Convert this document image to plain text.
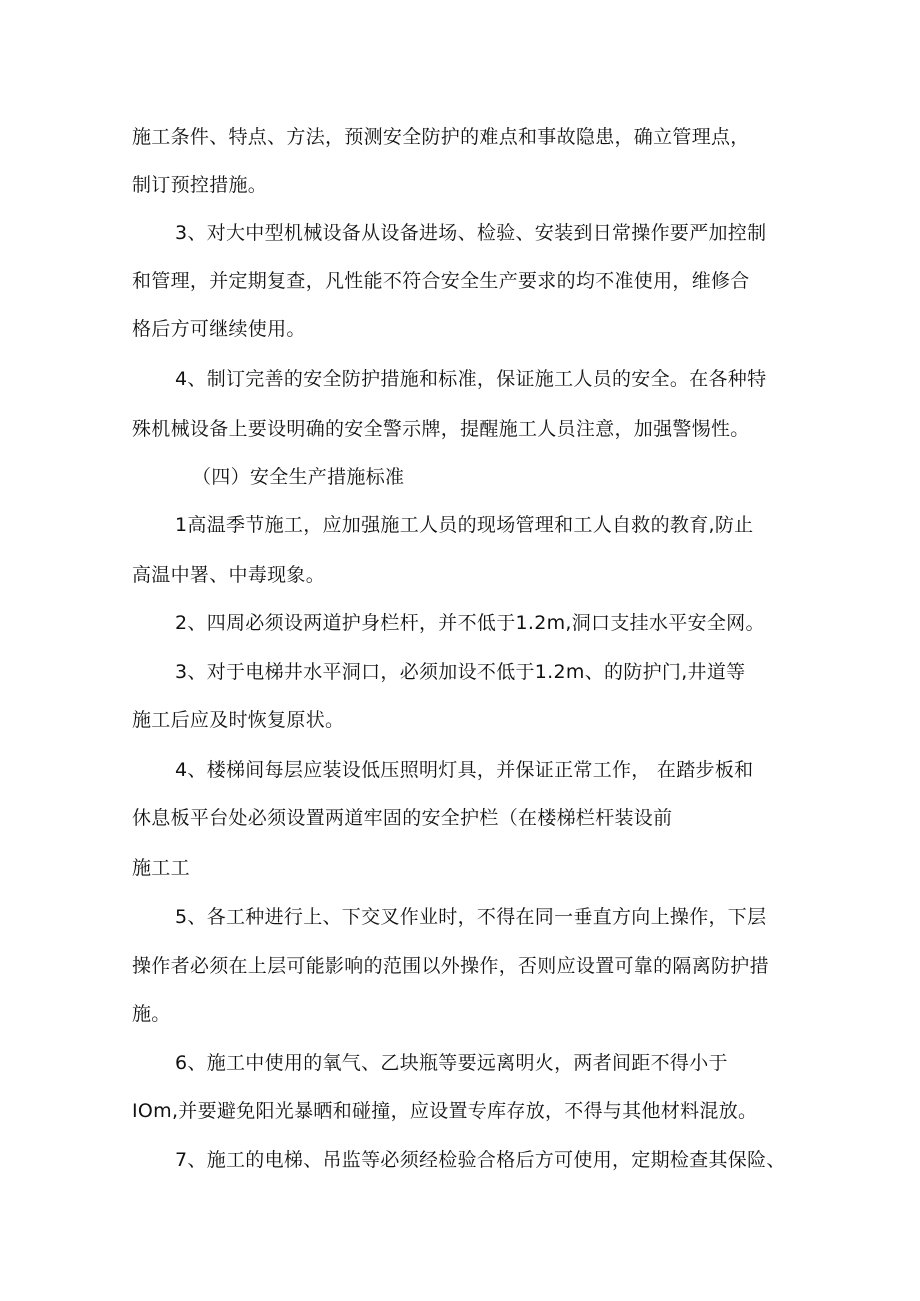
施工条件、特点、方法，预测安全防护的难点和事故隐患，确立管理点，

制订预控措施。

3、对大中型机械设备从设备进场、检验、安装到日常操作要严加控制

和管理，并定期复查，凡性能不符合安全生产要求的均不准使用，维修合

格后方可继续使用。

4、制订完善的安全防护措施和标准，保证施工人员的安全。在各种特

殊机械设备上要设明确的安全警示牌，提醒施工人员注意，加强警惕性。

（四）安全生产措施标准

1高温季节施工，应加强施工人员的现场管理和工人自救的教育,防止

高温中署、中毒现象。

2、四周必须设两道护身栏杆，并不低于1.2m,洞口支挂水平安全网。

3、对于电梯井水平洞口，必须加设不低于1.2m、的防护门,井道等

施工后应及时恢复原状。

4、楼梯间每层应装设低压照明灯具，并保证正常工作， 在踏步板和

休息板平台处必须设置两道牢固的安全护栏（在楼梯栏杆装设前

施工工

5、各工种进行上、下交叉作业时，不得在同一垂直方向上操作，下层

操作者必须在上层可能影响的范围以外操作，否则应设置可靠的隔离防护措

施。

6、施工中使用的氧气、乙块瓶等要远离明火，两者间距不得小于

IOm,并要避免阳光暴晒和碰撞，应设置专库存放，不得与其他材料混放。

7、施工的电梯、吊监等必须经检验合格后方可使用，定期检查其保险、
